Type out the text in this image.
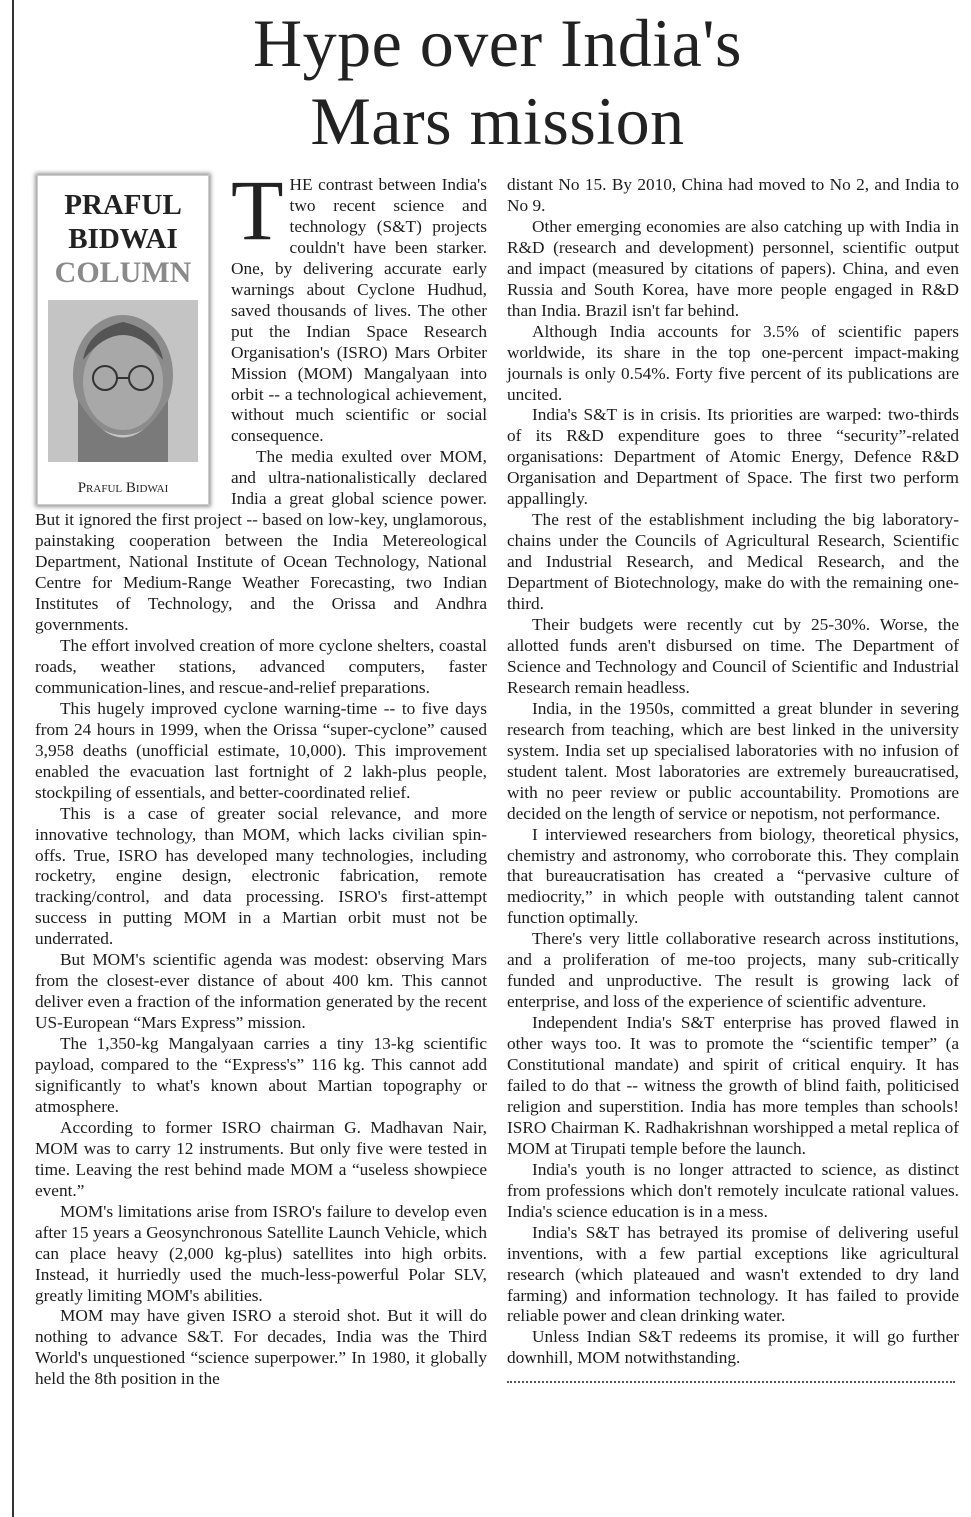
Hype over India's
Mars mission
PRAFUL
BIDWAI
COLUMN
Praful Bidwai
T HE contrast between India's two recent science and technology (S&T) projects couldn't have been starker. One, by delivering accurate early warnings about Cyclone Hudhud, saved thousands of lives. The other put the Indian Space Research Organisation's (ISRO) Mars Orbiter Mission (MOM) Mangalyaan into orbit -- a technological achievement, without much scientific or social consequence.

The media exulted over MOM, and ultra-nationalistically declared India a great global science power. But it ignored the first project -- based on low-key, unglamorous, painstaking cooperation between the India Metereological Department, National Institute of Ocean Technology, National Centre for Medium-Range Weather Forecasting, two Indian Institutes of Technology, and the Orissa and Andhra governments.

The effort involved creation of more cyclone shelters, coastal roads, weather stations, advanced computers, faster communication-lines, and rescue-and-relief preparations.

This hugely improved cyclone warning-time -- to five days from 24 hours in 1999, when the Orissa “super-cyclone” caused 3,958 deaths (unofficial estimate, 10,000). This improvement enabled the evacuation last fortnight of 2 lakh-plus people, stockpiling of essentials, and better-coordinated relief.

This is a case of greater social relevance, and more innovative technology, than MOM, which lacks civilian spin-offs. True, ISRO has developed many technologies, including rocketry, engine design, electronic fabrication, remote tracking/control, and data processing. ISRO's first-attempt success in putting MOM in a Martian orbit must not be underrated.

But MOM's scientific agenda was modest: observing Mars from the closest-ever distance of about 400 km. This cannot deliver even a fraction of the information generated by the recent US-European “Mars Express” mission.

The 1,350-kg Mangalyaan carries a tiny 13-kg scientific payload, compared to the “Express's” 116 kg. This cannot add significantly to what's known about Martian topography or atmosphere.

According to former ISRO chairman G. Madhavan Nair, MOM was to carry 12 instruments. But only five were tested in time. Leaving the rest behind made MOM a “useless showpiece event.”

MOM's limitations arise from ISRO's failure to develop even after 15 years a Geosynchronous Satellite Launch Vehicle, which can place heavy (2,000 kg-plus) satellites into high orbits. Instead, it hurriedly used the much-less-powerful Polar SLV, greatly limiting MOM's abilities.

MOM may have given ISRO a steroid shot. But it will do nothing to advance S&T. For decades, India was the Third World's unquestioned “science superpower.” In 1980, it globally held the 8th position in the

distant No 15. By 2010, China had moved to No 2, and India to No 9.

Other emerging economies are also catching up with India in R&D (research and development) personnel, scientific output and impact (measured by citations of papers). China, and even Russia and South Korea, have more people engaged in R&D than India. Brazil isn't far behind.

Although India accounts for 3.5% of scientific papers worldwide, its share in the top one-percent impact-making journals is only 0.54%. Forty five percent of its publications are uncited.

India's S&T is in crisis. Its priorities are warped: two-thirds of its R&D expenditure goes to three “security”-related organisations: Department of Atomic Energy, Defence R&D Organisation and Department of Space. The first two perform appallingly.

The rest of the establishment including the big laboratory-chains under the Councils of Agricultural Research, Scientific and Industrial Research, and Medical Research, and the Department of Biotechnology, make do with the remaining one-third.

Their budgets were recently cut by 25-30%. Worse, the allotted funds aren't disbursed on time. The Department of Science and Technology and Council of Scientific and Industrial Research remain headless.

India, in the 1950s, committed a great blunder in severing research from teaching, which are best linked in the university system. India set up specialised laboratories with no infusion of student talent. Most laboratories are extremely bureaucratised, with no peer review or public accountability. Promotions are decided on the length of service or nepotism, not performance.

I interviewed researchers from biology, theoretical physics, chemistry and astronomy, who corroborate this. They complain that bureaucratisation has created a “pervasive culture of mediocrity,” in which people with outstanding talent cannot function optimally.

There's very little collaborative research across institutions, and a proliferation of me-too projects, many sub-critically funded and unproductive. The result is growing lack of enterprise, and loss of the experience of scientific adventure.

Independent India's S&T enterprise has proved flawed in other ways too. It was to promote the “scientific temper” (a Constitutional mandate) and spirit of critical enquiry. It has failed to do that -- witness the growth of blind faith, politicised religion and superstition. India has more temples than schools! ISRO Chairman K. Radhakrishnan worshipped a metal replica of MOM at Tirupati temple before the launch.

India's youth is no longer attracted to science, as distinct from professions which don't remotely inculcate rational values. India's science education is in a mess.

India's S&T has betrayed its promise of delivering useful inventions, with a few partial exceptions like agricultural research (which plateaued and wasn't extended to dry land farming) and information technology. It has failed to provide reliable power and clean drinking water.

Unless Indian S&T redeems its promise, it will go further downhill, MOM notwithstanding.
